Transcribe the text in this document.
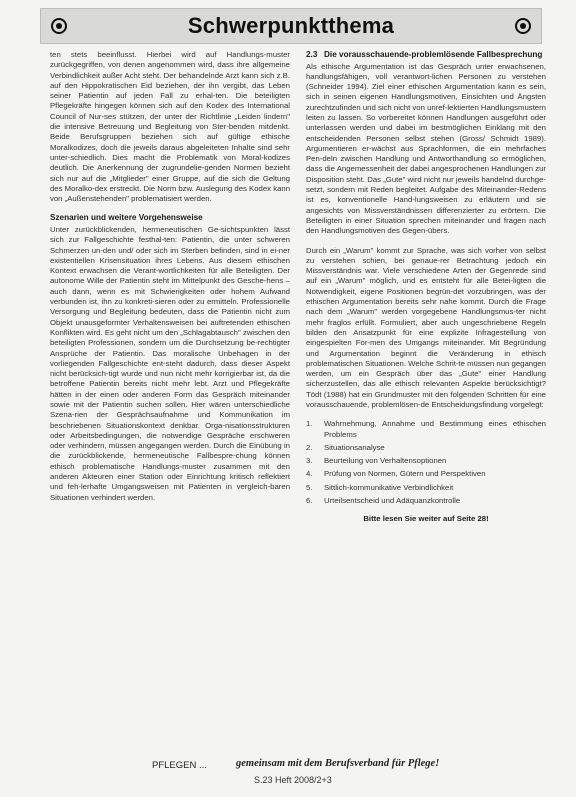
Schwerpunktthema

ten stets beeinflusst. Hierbei wird auf Handlungs-muster zurückgegriffen, von denen angenommen wird, dass ihre allgemeine Verbindlichkeit außer Acht steht. Der behandelnde Arzt kann sich z.B. auf den Hippokratischen Eid beziehen, der ihn vergibt, das Leben seiner Patientin auf jeden Fall zu erhal-ten. Die beteiligten Pflegekräfte hingegen können sich auf den Kodex des International Council of Nur-ses stützen, der unter der Richtlinie „Leiden lindern" die intensive Betreuung und Begleitung von Ster-benden mitdenkt. Beide Berufsgruppen beziehen sich auf gültige ethische Moralkodizes, doch die jeweils daraus abgeleiteten Inhalte sind sehr unter-schiedlich. Dies macht die Problematik von Moral-kodizes deutlich. Die Anerkennung der zugrundelie-genden Normen bezieht sich nur auf die „Mitglieder" einer Gruppe, auf die sich die Geltung des Moralko-dex erstreckt. Die Norm bzw. Auslegung des Kodex kann von „Außenstehenden" problematisiert werden.

Szenarien und weitere Vorgehensweise

Unter zurückblickenden, hermeneutischen Ge-sichtspunkten lässt sich zur Fallgeschichte festhal-ten: Patientin, die unter schweren Schmerzen un-den und/ oder sich im Sterben befinden, sind in ei-ner existentiellen Krisensituation ihres Lebens. Aus diesem ethischen Kontext erwachsen die Verant-wortlichkeiten für alle Beteiligten. Der autonome Wille der Patientin steht im Mittelpunkt des Gesche-hens – auch dann, wenn es mit Schwierigkeiten oder hohem Aufwand verbunden ist, ihn zu konkreti-sieren oder zu ermitteln. Professionelle Versorgung und Begleitung bedeuten, dass die Patientin nicht zum Objekt unausgeformter Verhaltensweisen bei auftretenden ethischen Konflikten wird. Es geht nicht um den „Schlagabtausch" zwischen den beteiligten Professionen, sondern um die Durchsetzung be-rechtigter Ansprüche der Patientin. Das moralische Unbehagen in der vorliegenden Fallgeschichte ent-steht dadurch, dass dieser Aspekt nicht berücksich-tigt wurde und nun nicht mehr korrigierbar ist, da die betroffene Patientin bereits nicht mehr lebt. Arzt und Pflegekräfte hätten in der einen oder anderen Form das Gespräch miteinander sowie mit der Patientin suchen sollen. Hier wären unterschiedliche Szena-rien der Gesprächsaufnahme und Kommunikation im beschriebenen Situationskontext denkbar. Orga-nisationsstrukturen oder Arbeitsbedingungen, die notwendige Gespräche erschweren oder verhindern, müssen angegangen werden. Durch die Einübung in die zurückblickende, hermeneutische Fallbespre-chung können ethisch problematische Handlungs-muster zusammen mit den anderen Akteuren einer Station oder Einrichtung kritisch reflektiert und feh-lerhafte Umgangsweisen mit Patienten in vergleich-baren Situationen verhindert werden.

2.3 Die vorausschauende-problemlösende Fallbesprechung

Als ethische Argumentation ist das Gespräch unter erwachsenen, handlungsfähigen, voll verantwort-lichen Personen zu verstehen (Schneider 1994). Ziel einer ethischen Argumentation kann es sein, sich in seinen eigenen Handlungsmotiven, Einsichten und Ängsten zurechtzufinden und sich nicht von unref-lektierten Handlungsmustern leiten zu lassen. So vorbereitet können Handlungen ausgeführt oder unterlassen werden und dabei im bestmöglichen Einklang mit den entscheidenden Personen selbst stehen (Gross/ Schmidt 1989). Argumentieren er-wächst aus Sprachformen, die ein mehrfaches Pen-deln zwischen Handlung und Antworthandlung so ermöglichen, dass die Angemessenheit der dabei angesprochenen Handlungen zur Disposition steht. Das „Gute" wird nicht nur jeweils handelnd durchge-setzt, sondern mit Reden begleitet. Aufgabe des Miteinander-Redens ist es, konventionelle Hand-lungsweisen zu erläutern und sie angesichts von Missverständnissen differenzierter zu erörtern. Die Beteiligten in einer Situation sprechen miteinander und fragen nach den Handlungsmotiven des Gegen-übers.

Durch ein „Warum" kommt zur Sprache, was sich vorher von selbst zu verstehen schien, bei genaue-rer Betrachtung jedoch ein Missverständnis war. Viele verschiedene Arten der Gegenrede sind auf ein „Warum" möglich, und es entsteht für alle Betei-ligten die Notwendigkeit, eigene Positionen begrün-det vorzubringen, was der ethischen Argumentation bereits sehr nahe kommt. Durch die Frage nach dem „Warum" werden vorgegebene Handlungsmus-ter nicht mehr fraglos erfüllt. Formuliert, aber auch ungeschriebene Regeln bilden den Ansatzpunkt für eine explizite Infragestellung von eingespielten For-men des Umgangs miteinander. Mit Begründung und Argumentation beginnt die Veränderung in ethisch problematischen Situationen. Welche Schrit-te müssen nun gegangen werden, um ein Gespräch über das „Gute" einer Handlung sicherzustellen, das alle ethisch relevanten Aspekte berücksichtigt? Tödt (1988) hat ein Grundmuster mit den folgenden Schritten für eine vorausschauende, problemlösen-de Entscheidungsfindung vorgelegt:

1.	Wahrnehmung, Annahme und Bestimmung eines ethischen Problems
2.	Situationsanalyse
3.	Beurteilung von Verhaltensoptionen
4.	Prüfung von Normen, Gütern und Perspektiven
5.	Sittlich-kommunikative Verbindlichkeit
6.	Urteilsentscheid und Adäquanzkontrolle
Bitte lesen Sie weiter auf Seite 28!
PFLEGEN ...	gemeinsam mit dem Berufsverband für Pflege!
S.23 Heft 2008/2+3
